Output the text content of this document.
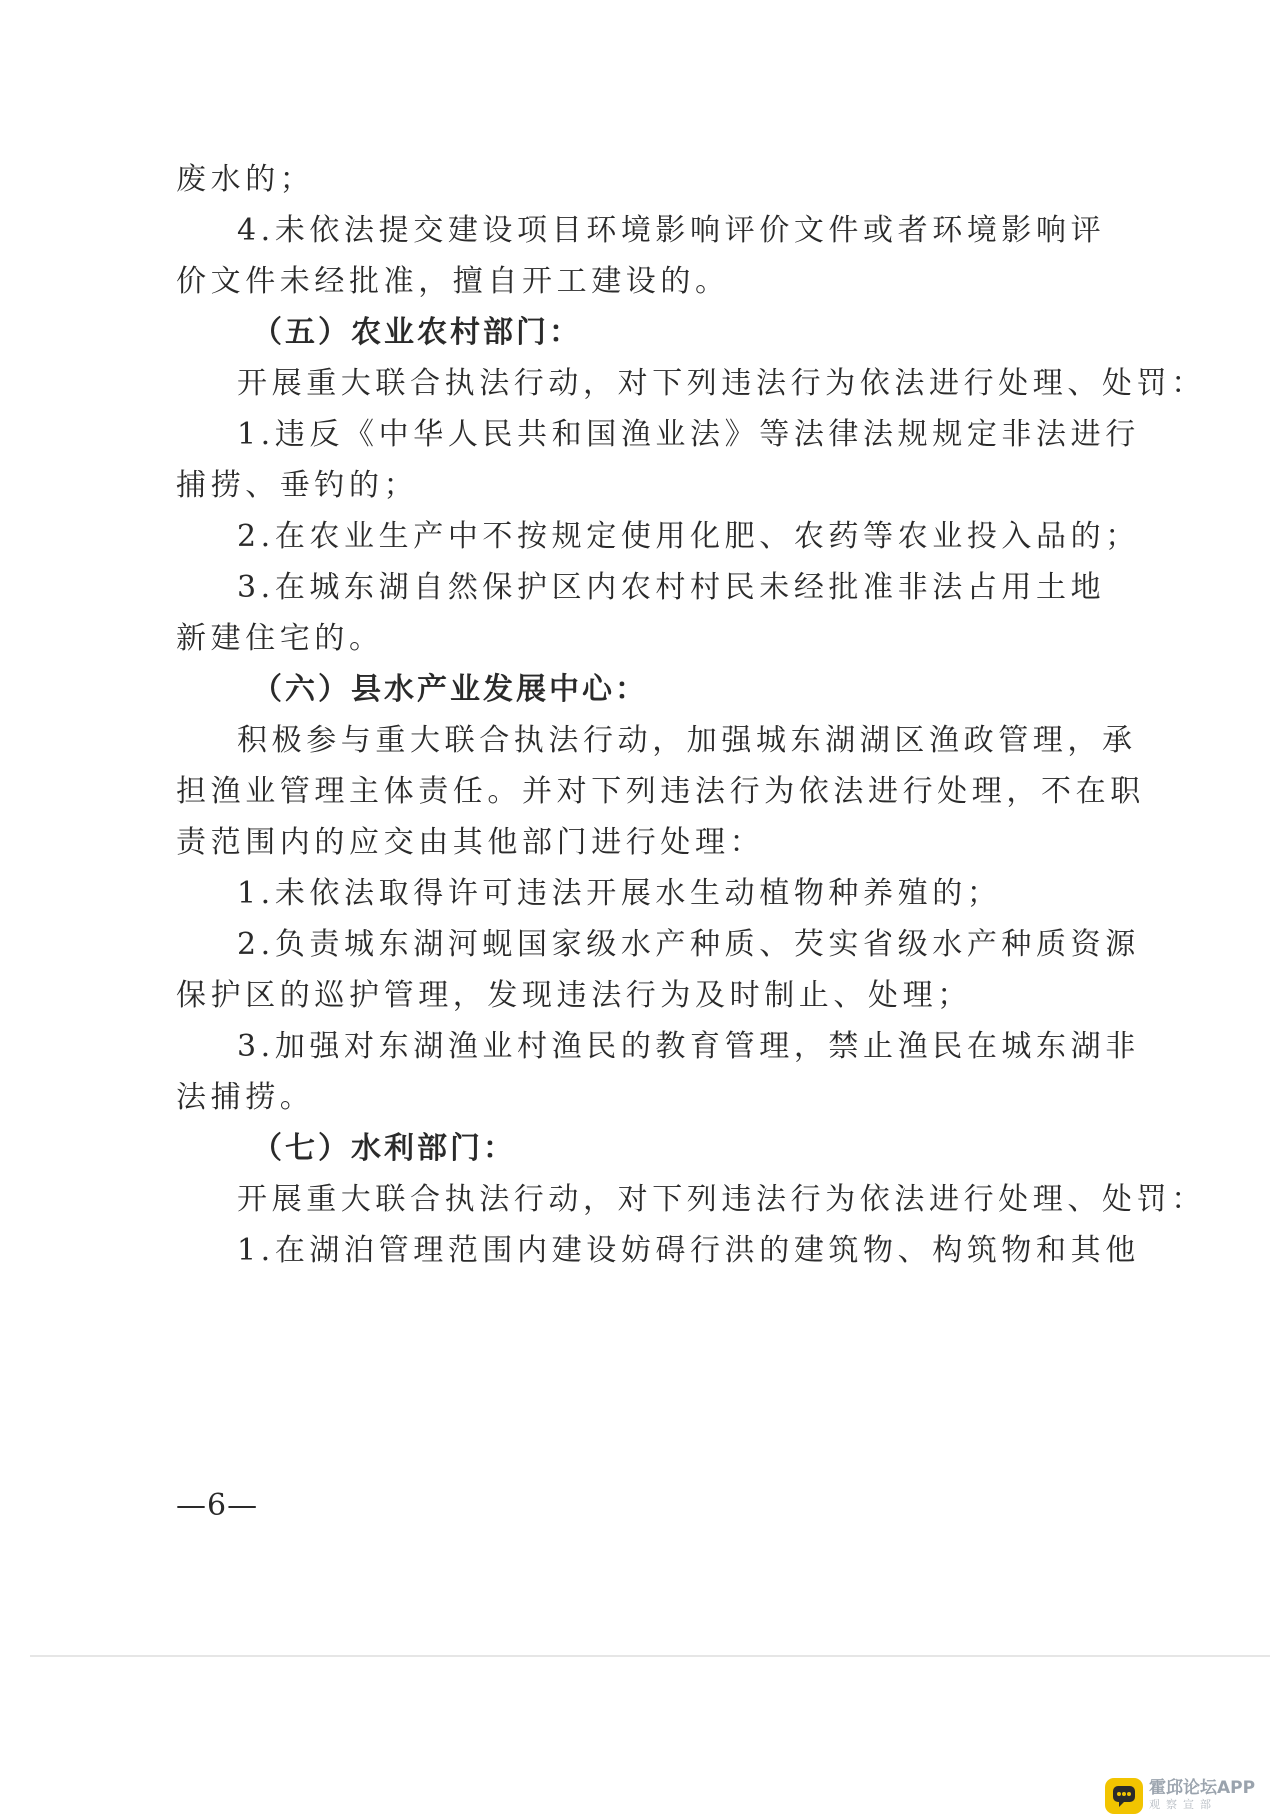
废水的；
4.未依法提交建设项目环境影响评价文件或者环境影响评
价文件未经批准，擅自开工建设的。
（五）农业农村部门：
开展重大联合执法行动，对下列违法行为依法进行处理、处罚：
1.违反《中华人民共和国渔业法》等法律法规规定非法进行
捕捞、垂钓的；
2.在农业生产中不按规定使用化肥、农药等农业投入品的；
3.在城东湖自然保护区内农村村民未经批准非法占用土地
新建住宅的。
（六）县水产业发展中心：
积极参与重大联合执法行动，加强城东湖湖区渔政管理，承
担渔业管理主体责任。并对下列违法行为依法进行处理，不在职
责范围内的应交由其他部门进行处理：
1.未依法取得许可违法开展水生动植物种养殖的；
2.负责城东湖河蚬国家级水产种质、芡实省级水产种质资源
保护区的巡护管理，发现违法行为及时制止、处理；
3.加强对东湖渔业村渔民的教育管理，禁止渔民在城东湖非
法捕捞。
（七）水利部门：
开展重大联合执法行动，对下列违法行为依法进行处理、处罚：
1.在湖泊管理范围内建设妨碍行洪的建筑物、构筑物和其他
—6—
霍邱论坛APP
观察宣部
